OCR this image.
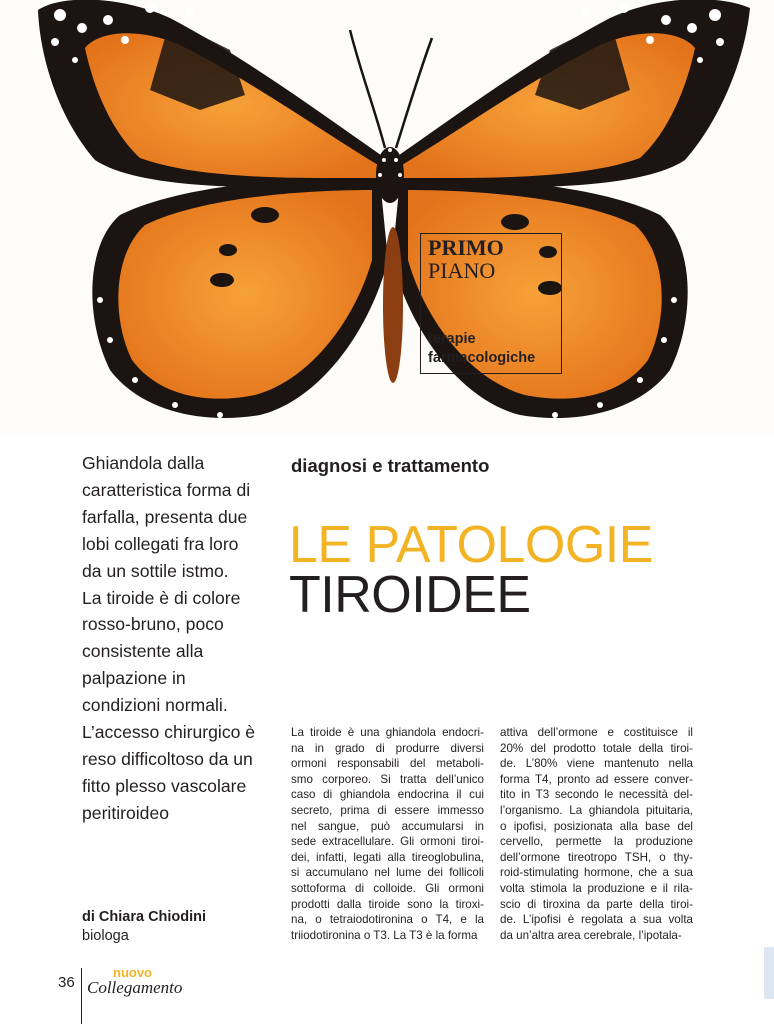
PRIMO
PIANO
terapie
farmacologiche
Ghiandola dalla
caratteristica forma di
farfalla, presenta due
lobi collegati fra loro
da un sottile istmo.
La tiroide è di colore
rosso-bruno, poco
consistente alla
palpazione in
condizioni normali.
L’accesso chirurgico è
reso difficoltoso da un
fitto plesso vascolare
peritiroideo
diagnosi e trattamento
LE PATOLOGIE
TIROIDEE
La tiroide è una ghiandola endocri-
na in grado di produrre diversi
ormoni responsabili del metaboli-
smo corporeo. Si tratta dell’unico
caso di ghiandola endocrina il cui
secreto, prima di essere immesso
nel sangue, può accumularsi in
sede extracellulare. Gli ormoni tiroi-
dei, infatti, legati alla tireoglobulina,
si accumulano nel lume dei follicoli
sottoforma di colloide. Gli ormoni
prodotti dalla tiroide sono la tiroxi-
na, o tetraiodotironina o T4, e la
triiodotironina o T3. La T3 è la forma
attiva dell’ormone e costituisce il
20% del prodotto totale della tiroi-
de. L’80% viene mantenuto nella
forma T4, pronto ad essere conver-
tito in T3 secondo le necessità del-
l’organismo. La ghiandola pituitaria,
o ipofisi, posizionata alla base del
cervello, permette la produzione
dell’ormone tireotropo TSH, o thy-
roid-stimulating hormone, che a sua
volta stimola la produzione e il rila-
scio di tiroxina da parte della tiroi-
de. L’ipofisi è regolata a sua volta
da un’altra area cerebrale, l’ipotala-
di Chiara Chiodini
biologa
36
nuovo
Collegamento
